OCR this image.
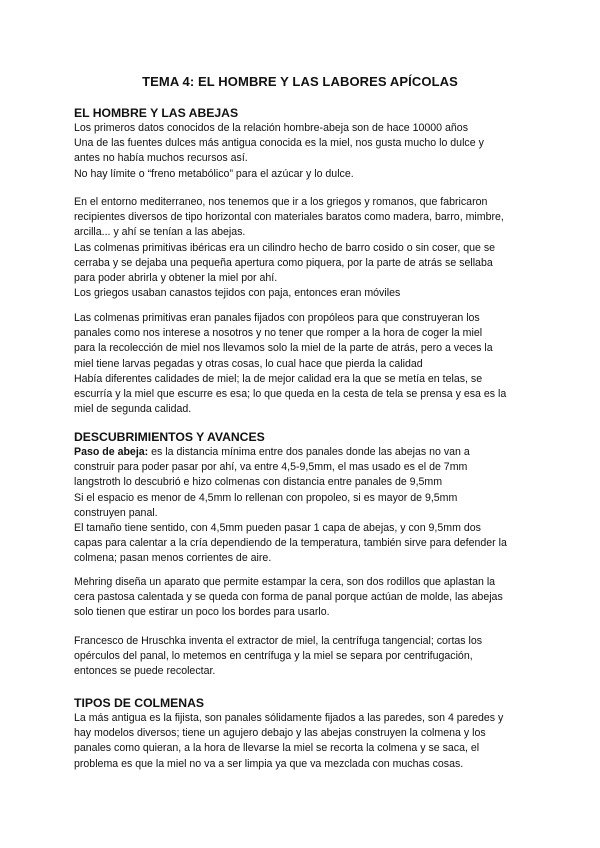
TEMA 4: EL HOMBRE Y LAS LABORES APÍCOLAS
EL HOMBRE Y LAS ABEJAS
Los primeros datos conocidos de la relación hombre-abeja son de hace 10000 años
Una de las fuentes dulces más antigua conocida es la miel, nos gusta mucho lo dulce y
antes no había muchos recursos así.
No hay límite o “freno metabólico” para el azúcar y lo dulce.
En el entorno mediterraneo, nos tenemos que ir a los griegos y romanos, que fabricaron
recipientes diversos de tipo horizontal con materiales baratos como madera, barro, mimbre,
arcilla... y ahí se tenían a las abejas.
Las colmenas primitivas ibéricas era un cilindro hecho de barro cosido o sin coser, que se
cerraba y se dejaba una pequeña apertura como piquera, por la parte de atrás se sellaba
para poder abrirla y obtener la miel por ahí.
Los griegos usaban canastos tejidos con paja, entonces eran móviles
Las colmenas primitivas eran panales fijados con propóleos para que construyeran los
panales como nos interese a nosotros y no tener que romper a la hora de coger la miel
para la recolección de miel nos llevamos solo la miel de la parte de atrás, pero a veces la
miel tiene larvas pegadas y otras cosas, lo cual hace que pierda la calidad
Había diferentes calidades de miel; la de mejor calidad era la que se metía en telas, se
escurría y la miel que escurre es esa; lo que queda en la cesta de tela se prensa y esa es la
miel de segunda calidad.
DESCUBRIMIENTOS Y AVANCES
Paso de abeja: es la distancia mínima entre dos panales donde las abejas no van a
construir para poder pasar por ahí, va entre 4,5-9,5mm, el mas usado es el de 7mm
langstroth lo descubrió e hizo colmenas con distancia entre panales de 9,5mm
Si el espacio es menor de 4,5mm lo rellenan con propoleo, si es mayor de 9,5mm
construyen panal.
El tamaño tiene sentido, con 4,5mm pueden pasar 1 capa de abejas, y con 9,5mm dos
capas para calentar a la cría dependiendo de la temperatura, también sirve para defender la
colmena; pasan menos corrientes de aire.
Mehring diseña un aparato que permite estampar la cera, son dos rodillos que aplastan la
cera pastosa calentada y se queda con forma de panal porque actúan de molde, las abejas
solo tienen que estirar un poco los bordes para usarlo.
Francesco de Hruschka inventa el extractor de miel, la centrífuga tangencial; cortas los
opérculos del panal, lo metemos en centrífuga y la miel se separa por centrifugación,
entonces se puede recolectar.
TIPOS DE COLMENAS
La más antigua es la fijista, son panales sólidamente fijados a las paredes, son 4 paredes y
hay modelos diversos; tiene un agujero debajo y las abejas construyen la colmena y los
panales como quieran, a la hora de llevarse la miel se recorta la colmena y se saca, el
problema es que la miel no va a ser limpia ya que va mezclada con muchas cosas.
